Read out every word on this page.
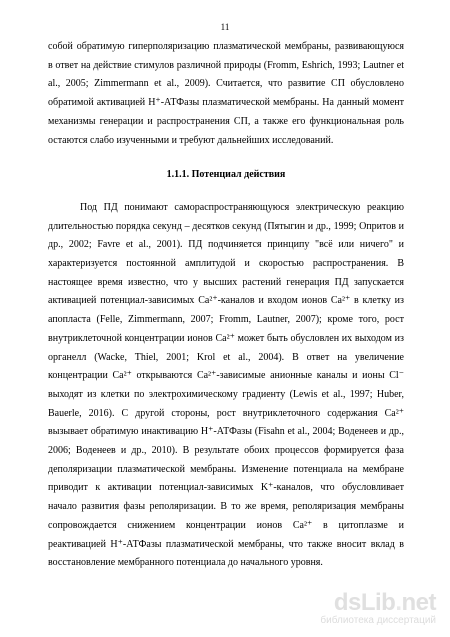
11

собой обратимую гиперполяризацию плазматической мембраны, развивающуюся в ответ на действие стимулов различной природы (Fromm, Eshrich, 1993; Lautner et al., 2005; Zimmermann et al., 2009). Считается, что развитие СП обусловлено обратимой активацией Н⁺-АТФазы плазматической мембраны. На данный момент механизмы генерации и распространения СП, а также его функциональная роль остаются слабо изученными и требуют дальнейших исследований.

1.1.1. Потенциал действия

Под ПД понимают самораспространяющуюся электрическую реакцию длительностью порядка секунд – десятков секунд (Пятыгин и др., 1999; Опритов и др., 2002; Favre et al., 2001). ПД подчиняется принципу "всё или ничего" и характеризуется постоянной амплитудой и скоростью распространения. В настоящее время известно, что у высших растений генерация ПД запускается активацией потенциал-зависимых Са²⁺-каналов и входом ионов Са²⁺ в клетку из апопласта (Felle, Zimmermann, 2007; Fromm, Lautner, 2007); кроме того, рост внутриклеточной концентрации ионов Са²⁺ может быть обусловлен их выходом из органелл (Wacke, Thiel, 2001; Krol et al., 2004). В ответ на увеличение концентрации Са²⁺ открываются Са²⁺-зависимые анионные каналы и ионы Cl⁻ выходят из клетки по электрохимическому градиенту (Lewis et al., 1997; Huber, Bauerle, 2016). С другой стороны, рост внутриклеточного содержания Са²⁺ вызывает обратимую инактивацию Н⁺-АТФазы (Fisahn et al., 2004; Воденеев и др., 2006; Воденеев и др., 2010). В результате обоих процессов формируется фаза деполяризации плазматической мембраны. Изменение потенциала на мембране приводит к активации потенциал-зависимых K⁺-каналов, что обусловливает начало развития фазы реполяризации. В то же время, реполяризация мембраны сопровождается снижением концентрации ионов Са²⁺ в цитоплазме и реактивацией Н⁺-АТФазы плазматической мембраны, что также вносит вклад в восстановление мембранного потенциала до начального уровня.

dsLib.net
библиотека диссертаций
